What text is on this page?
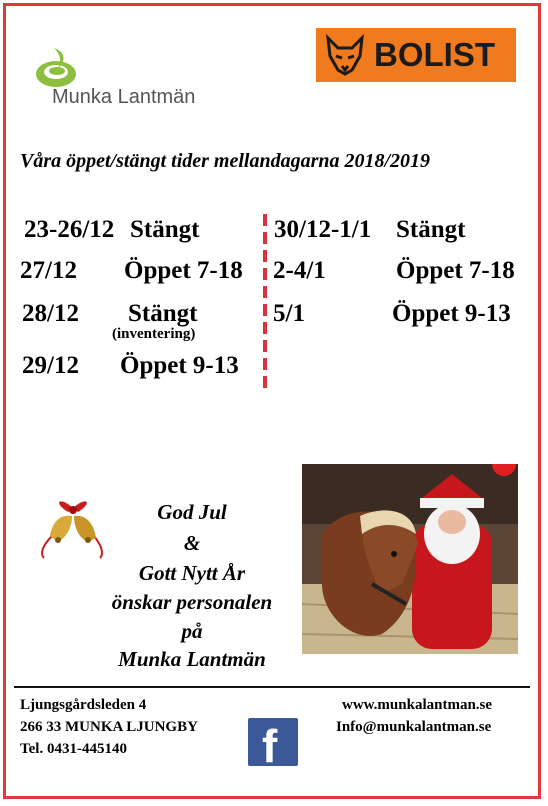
Munka Lantmän
BOLIST
Våra öppet/stängt tider mellandagarna 2018/2019
23-26/12 Stängt
27/12 Öppet 7-18
28/12 Stängt
(inventering)
29/12 Öppet 9-13
30/12-1/1 Stängt
2-4/1	Öppet 7-18
5/1	Öppet 9-13
God Jul
&
Gott Nytt År
önskar personalen
på
Munka Lantmän
Ljungsgårdsleden 4
266 33 MUNKA LJUNGBY
Tel. 0431-445140	f
www.munkalantman.se
Info@munkalantman.se
